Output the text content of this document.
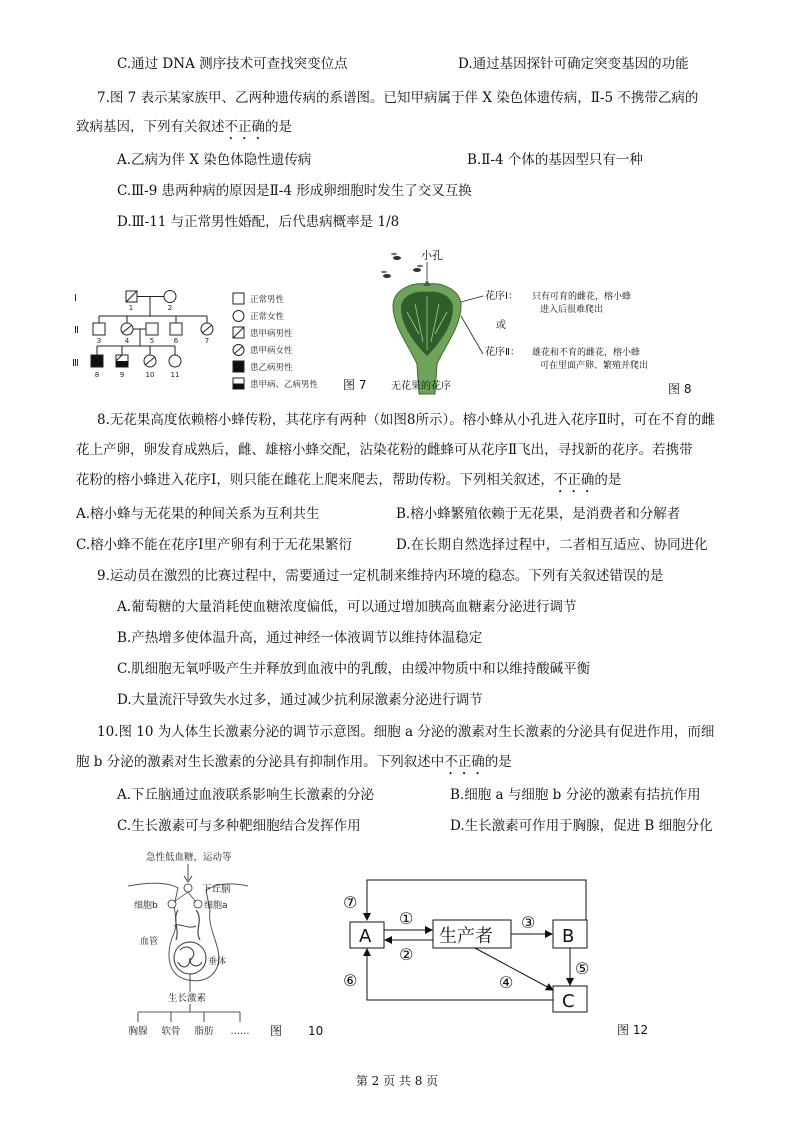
C.通过 DNA 测序技术可查找突变位点	D.通过基因探针可确定突变基因的功能
7.图 7 表示某家族甲、乙两种遗传病的系谱图。已知甲病属于伴 X 染色体遗传病，Ⅱ-5 不携带乙病的
致病基因，下列有关叙述不正确的是
A.乙病为伴 X 染色体隐性遗传病	B.Ⅱ-4 个体的基因型只有一种
C.Ⅲ-9 患两种病的原因是Ⅱ-4 形成卵细胞时发生了交叉互换
D.Ⅲ-11 与正常男性婚配，后代患病概率是 1/8
Ⅰ
Ⅱ
Ⅲ
1	2
3	4	5	6	7
8	9	10 11
正常男性
正常女性
患甲病男性
患甲病女性
患乙病男性
患甲病、乙病男性 图 7
小孔
无花果的花序
花序Ⅰ： 只有可育的雌花，榕小蜂
进入后很难爬出
或
花序Ⅱ： 雄花和不育的雌花，榕小蜂
可在里面产卵、繁殖并爬出
图 8
8.无花果高度依赖榕小蜂传粉，其花序有两种（如图8所示）。榕小蜂从小孔进入花序Ⅱ时，可在不育的雌
花上产卵，卵发育成熟后，雌、雄榕小蜂交配，沾染花粉的雌蜂可从花序Ⅱ飞出，寻找新的花序。若携带
花粉的榕小蜂进入花序Ⅰ，则只能在雌花上爬来爬去，帮助传粉。下列相关叙述，不正确的是
A.榕小蜂与无花果的种间关系为互利共生	B.榕小蜂繁殖依赖于无花果，是消费者和分解者
C.榕小蜂不能在花序Ⅰ里产卵有利于无花果繁衍	D.在长期自然选择过程中，二者相互适应、协同进化
9.运动员在激烈的比赛过程中，需要通过一定机制来维持内环境的稳态。下列有关叙述错误的是
A.葡萄糖的大量消耗使血糖浓度偏低，可以通过增加胰高血糖素分泌进行调节
B.产热增多使体温升高，通过神经一体液调节以维持体温稳定
C.肌细胞无氧呼吸产生并释放到血液中的乳酸，由缓冲物质中和以维持酸碱平衡
D.大量流汗导致失水过多，通过减少抗利尿激素分泌进行调节
10.图 10 为人体生长激素分泌的调节示意图。细胞 a 分泌的激素对生长激素的分泌具有促进作用，而细
胞 b 分泌的激素对生长激素的分泌具有抑制作用。下列叙述中不正确的是
A.下丘脑通过血液联系影响生长激素的分泌	B.细胞 a 与细胞 b 分泌的激素有拮抗作用
C.生长激素可与多种靶细胞结合发挥作用	D.生长激素可作用于胸腺，促进 B 细胞分化
急性低血糖，运动等
下丘脑
细胞b	细胞a
血管
垂体
生长激素
胸腺 软骨 脂肪 …… 图 10
A	生产者	B
C
①
②
③
④
⑤
⑥
⑦
图 12
第 2 页 共 8 页
